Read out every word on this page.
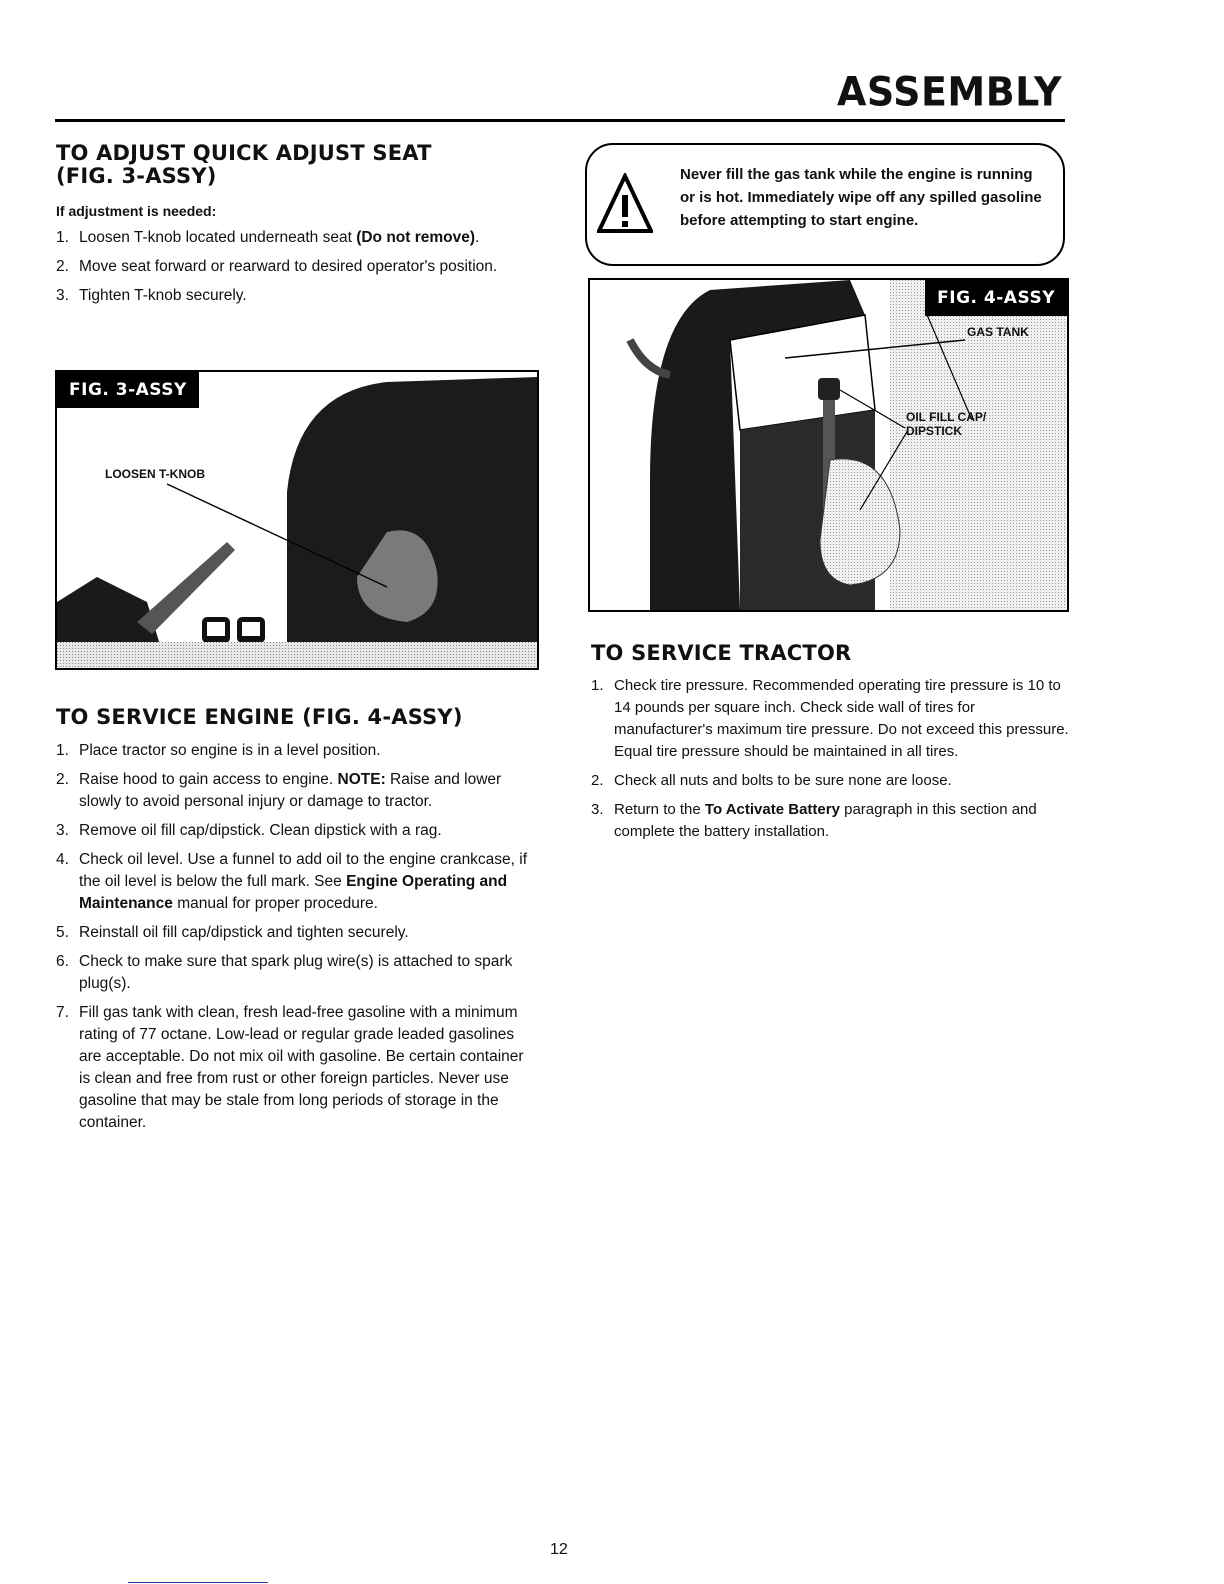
ASSEMBLY
TO ADJUST QUICK ADJUST SEAT
(FIG. 3-ASSY)
If adjustment is needed:
1. Loosen T-knob located underneath seat (Do not remove).
2. Move seat forward or rearward to desired operator's position.
3. Tighten T-knob securely.
FIG. 3-ASSY
LOOSEN T-KNOB
TO SERVICE ENGINE (FIG. 4-ASSY)
1. Place tractor so engine is in a level position.
2. Raise hood to gain access to engine. NOTE: Raise and lower slowly to avoid personal injury or damage to tractor.
3. Remove oil fill cap/dipstick. Clean dipstick with a rag.
4. Check oil level. Use a funnel to add oil to the engine crankcase, if the oil level is below the full mark. See Engine Operating and Maintenance manual for proper procedure.
5. Reinstall oil fill cap/dipstick and tighten securely.
6. Check to make sure that spark plug wire(s) is attached to spark plug(s).
7. Fill gas tank with clean, fresh lead-free gasoline with a minimum rating of 77 octane. Low-lead or regular grade leaded gasolines are acceptable. Do not mix oil with gasoline. Be certain container is clean and free from rust or other foreign particles. Never use gasoline that may be stale from long periods of storage in the container.
Never fill the gas tank while the engine is running or is hot. Immediately wipe off any spilled gasoline before attempting to start engine.
FIG. 4-ASSY
GAS TANK
OIL FILL CAP/
DIPSTICK
TO SERVICE TRACTOR
1. Check tire pressure. Recommended operating tire pressure is 10 to 14 pounds per square inch. Check side wall of tires for manufacturer's maximum tire pressure. Do not exceed this pressure. Equal tire pressure should be maintained in all tires.
2. Check all nuts and bolts to be sure none are loose.
3. Return to the To Activate Battery paragraph in this section and complete the battery installation.
12
